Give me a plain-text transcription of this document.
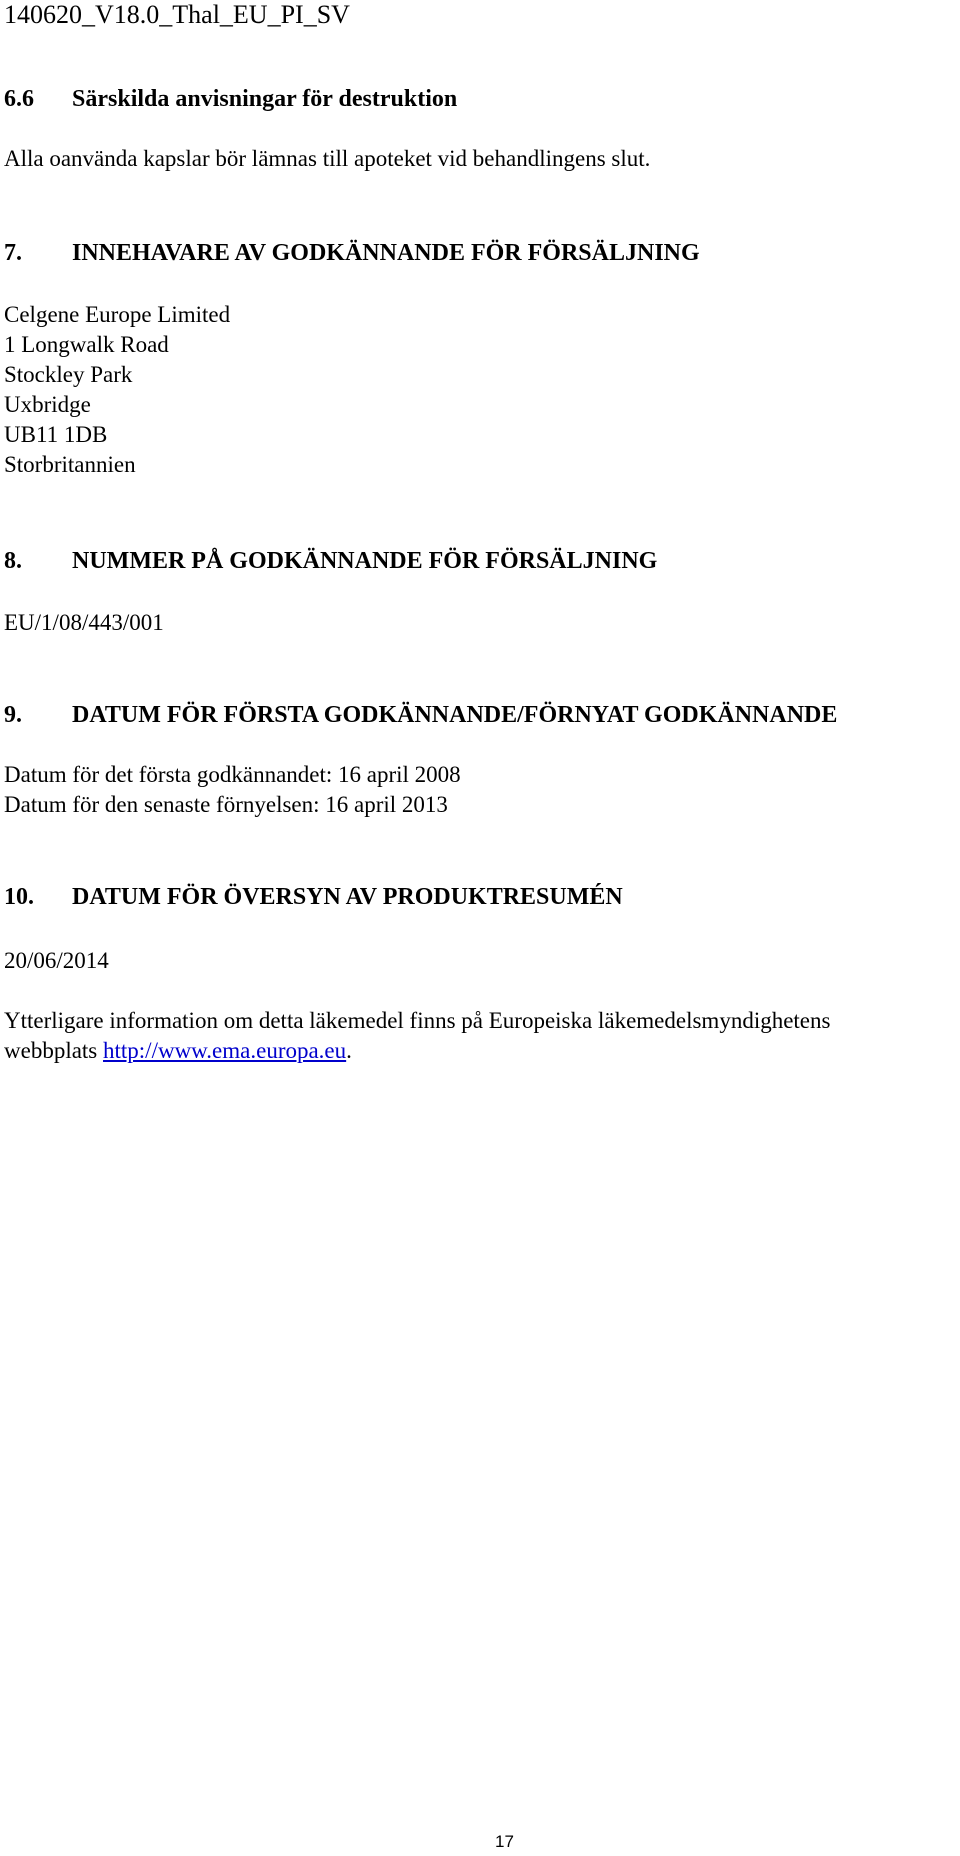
140620_V18.0_Thal_EU_PI_SV
6.6 Särskilda anvisningar för destruktion
Alla oanvända kapslar bör lämnas till apoteket vid behandlingens slut.
7. INNEHAVARE AV GODKÄNNANDE FÖR FÖRSÄLJNING
Celgene Europe Limited
1 Longwalk Road
Stockley Park
Uxbridge
UB11 1DB
Storbritannien
8. NUMMER PÅ GODKÄNNANDE FÖR FÖRSÄLJNING
EU/1/08/443/001
9. DATUM FÖR FÖRSTA GODKÄNNANDE/FÖRNYAT GODKÄNNANDE
Datum för det första godkännandet: 16 april 2008
Datum för den senaste förnyelsen: 16 april 2013
10. DATUM FÖR ÖVERSYN AV PRODUKTRESUMÉN
20/06/2014
Ytterligare information om detta läkemedel finns på Europeiska läkemedelsmyndighetens
webbplats http://www.ema.europa.eu.
17
